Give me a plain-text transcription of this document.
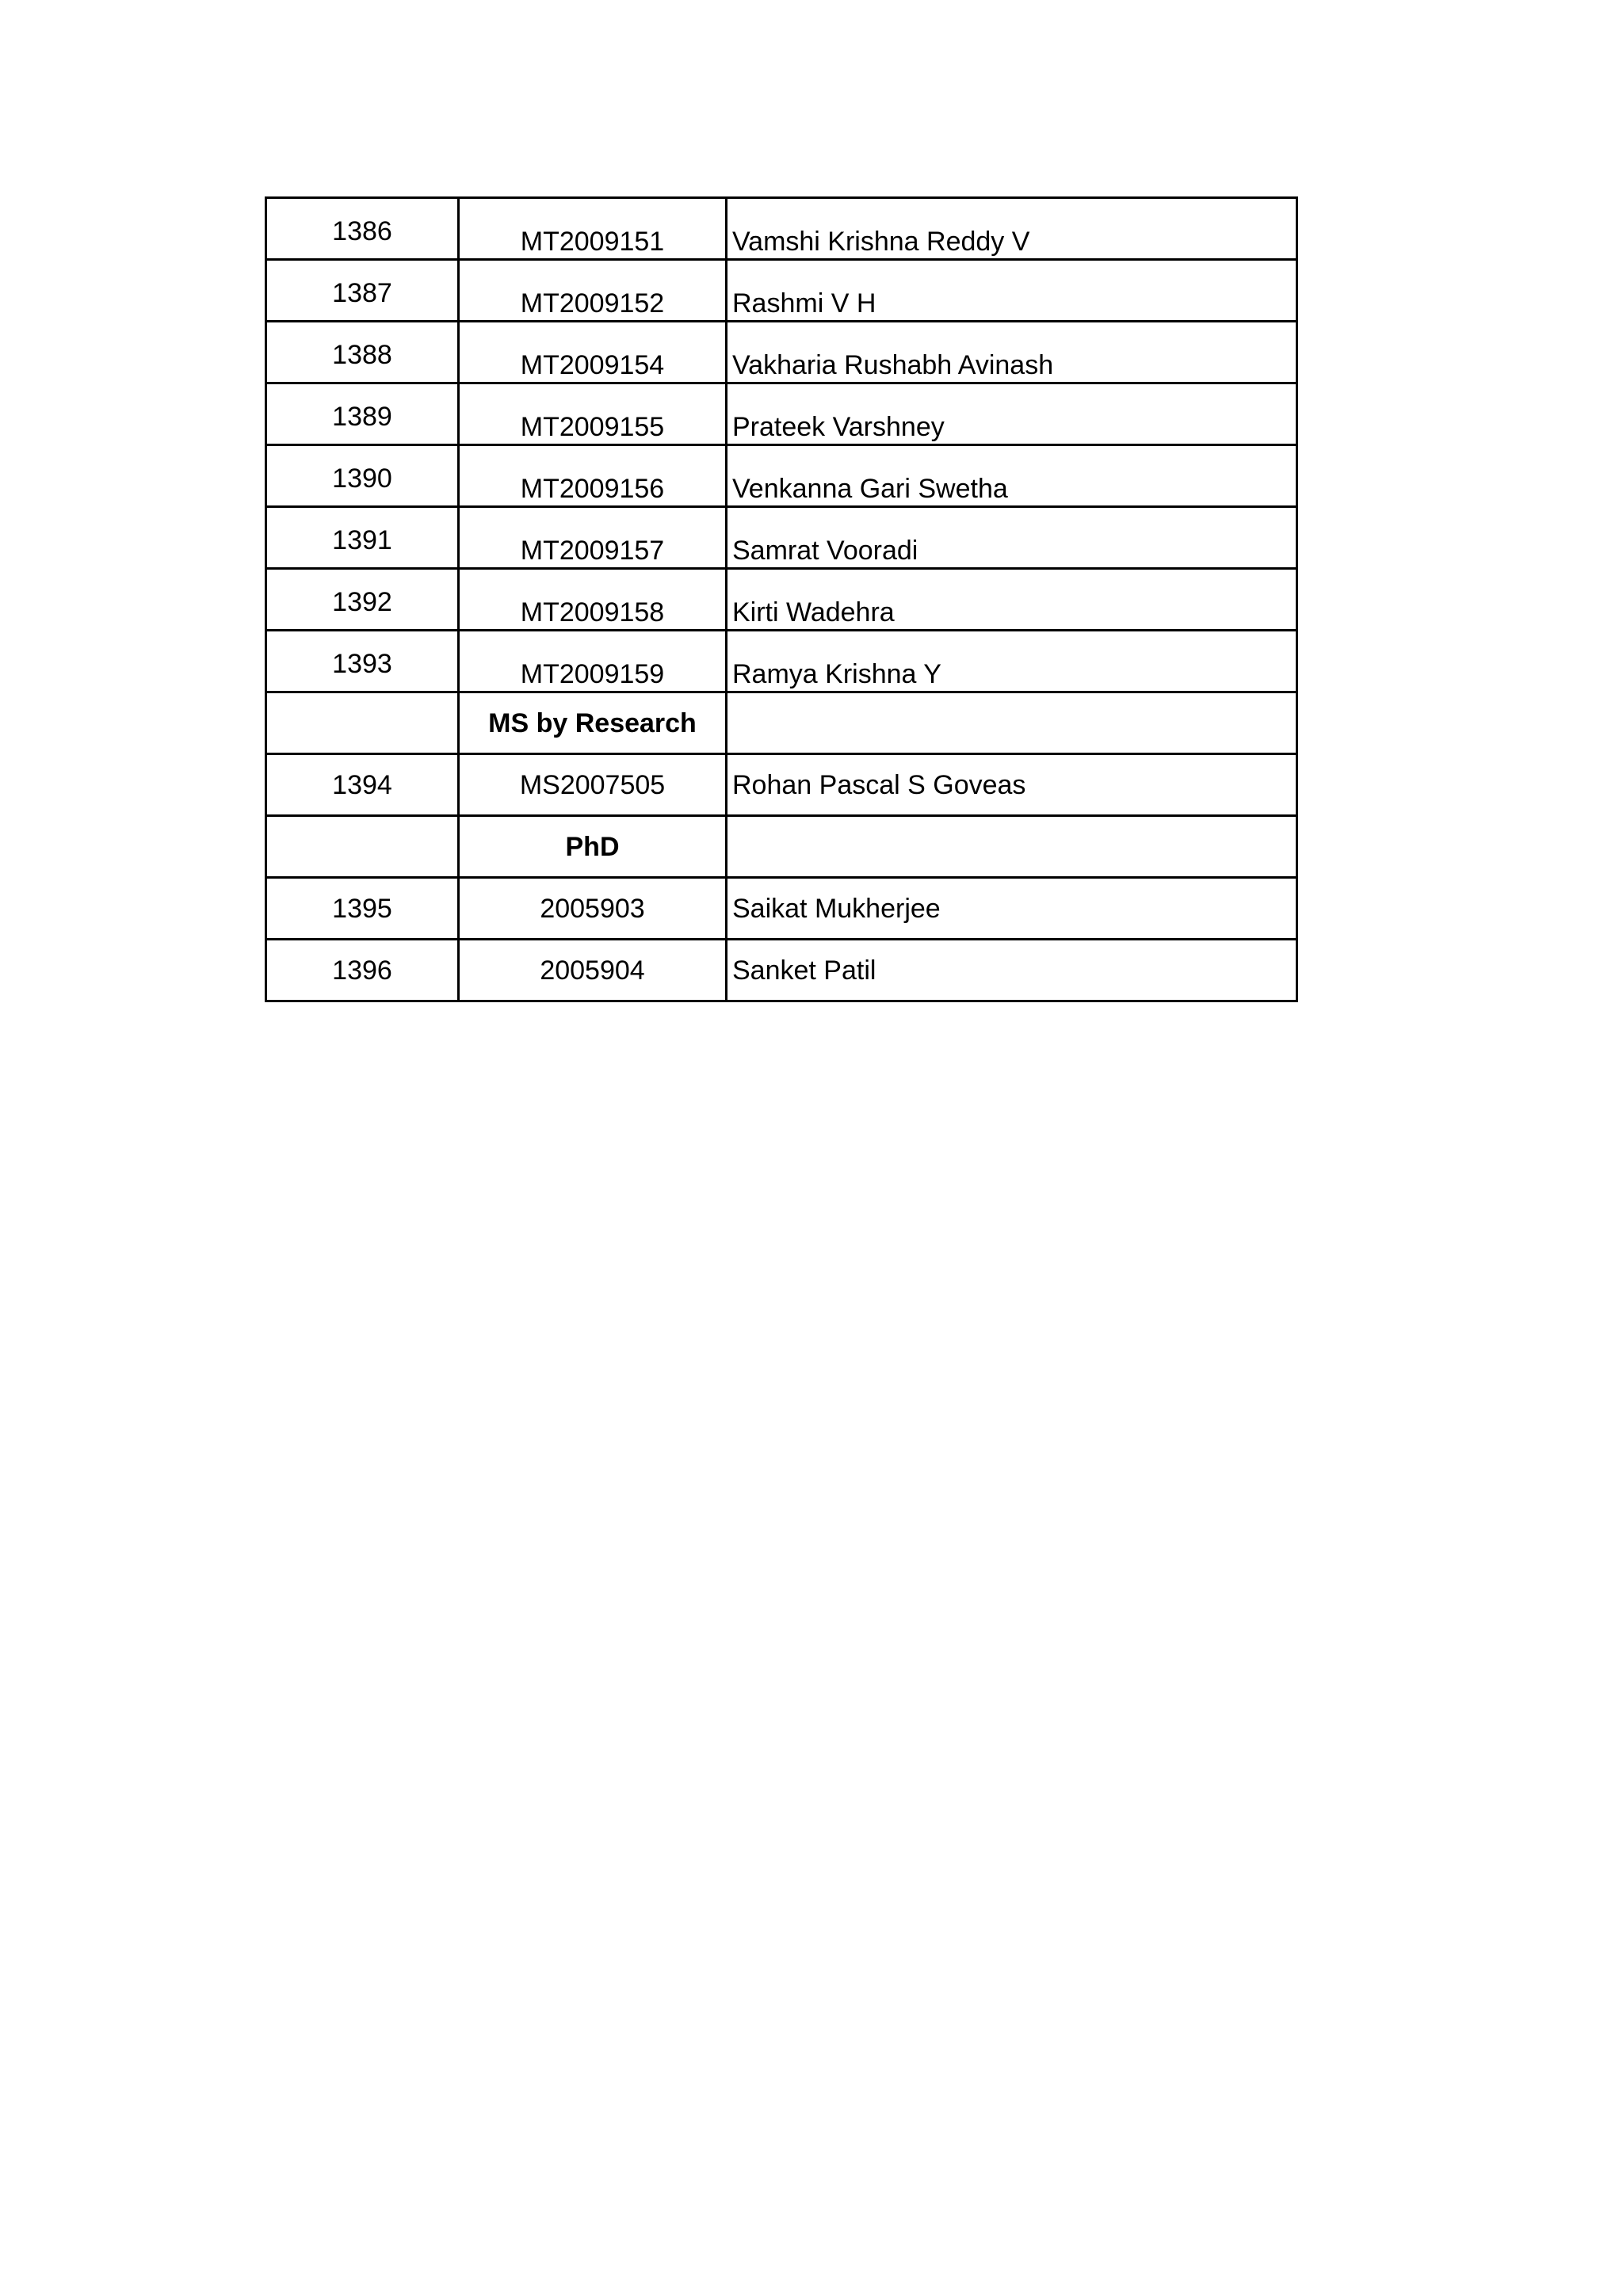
1386	MT2009151	Vamshi Krishna Reddy V
1387	MT2009152	Rashmi V H
1388	MT2009154	Vakharia Rushabh Avinash
1389	MT2009155	Prateek Varshney
1390	MT2009156	Venkanna Gari Swetha
1391	MT2009157	Samrat Vooradi
1392	MT2009158	Kirti Wadehra
1393	MT2009159	Ramya Krishna Y
	MS by Research	
1394	MS2007505	Rohan Pascal S Goveas
	PhD	
1395	2005903	Saikat Mukherjee
1396	2005904	Sanket Patil
